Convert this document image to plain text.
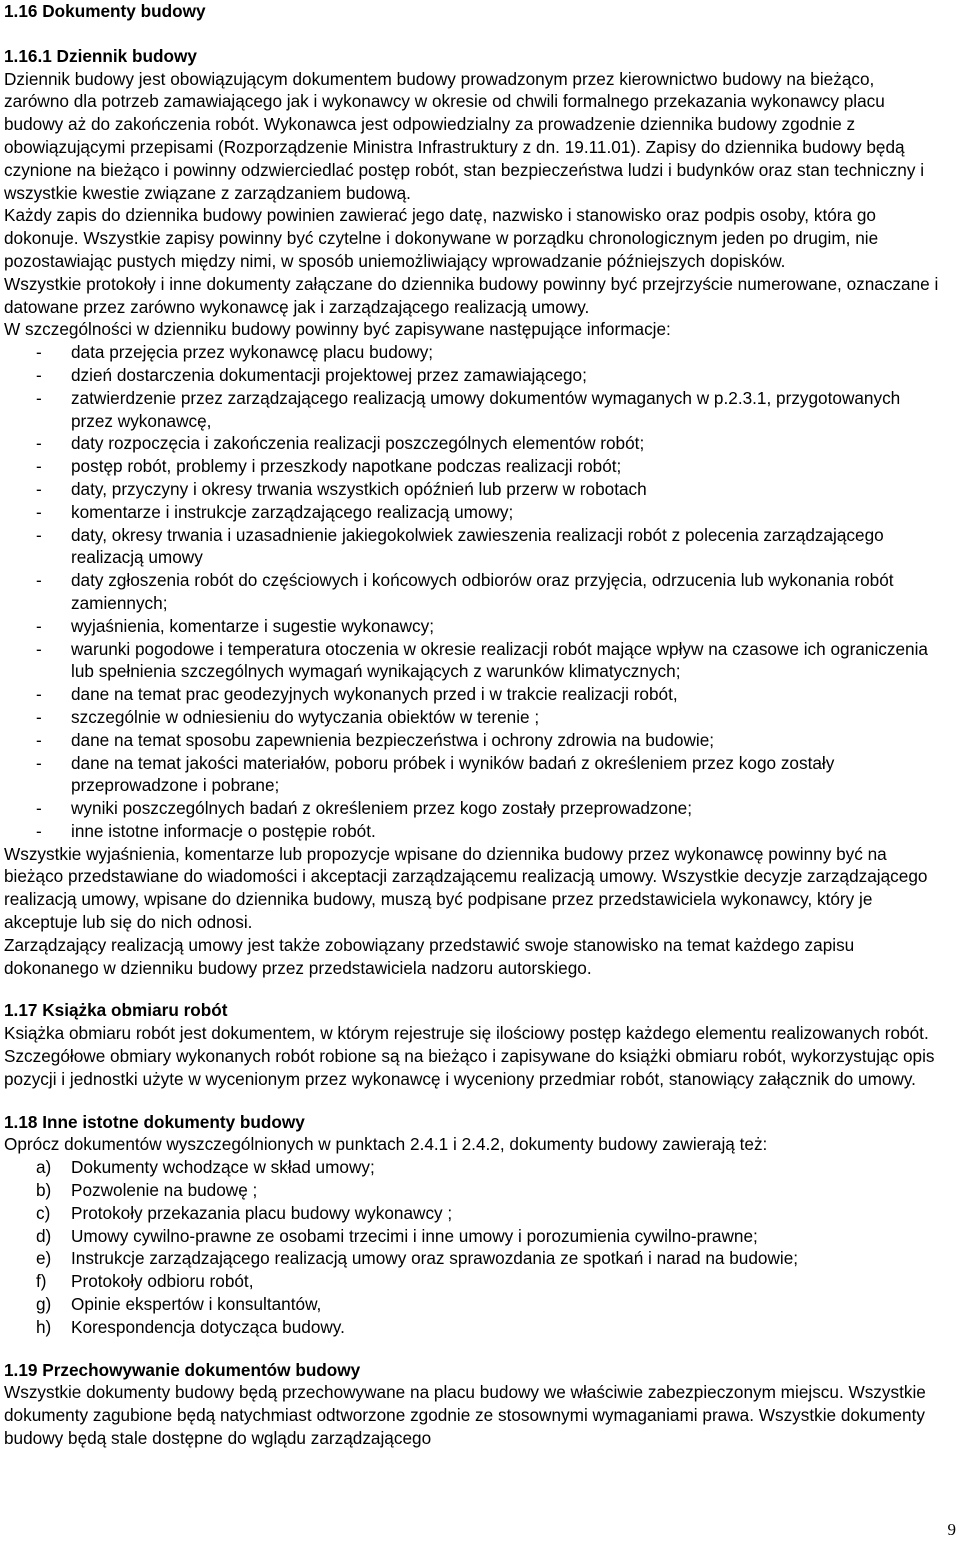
1.16 Dokumenty budowy

1.16.1 Dziennik budowy

Dziennik budowy jest obowiązującym dokumentem budowy prowadzonym przez kierownictwo budowy na bieżąco, zarówno dla potrzeb zamawiającego jak i wykonawcy w okresie od chwili formalnego przekazania wykonawcy placu budowy aż do zakończenia robót. Wykonawca jest odpowiedzialny za prowadzenie dziennika budowy zgodnie z obowiązującymi przepisami (Rozporządzenie Ministra Infrastruktury z dn. 19.11.01). Zapisy do dziennika budowy będą czynione na bieżąco i powinny odzwierciedlać postęp robót, stan bezpieczeństwa ludzi i budynków oraz stan techniczny i wszystkie kwestie związane z zarządzaniem budową.

Każdy zapis do dziennika budowy powinien zawierać jego datę, nazwisko i stanowisko oraz podpis osoby, która go dokonuje. Wszystkie zapisy powinny być czytelne i dokonywane w porządku chronologicznym jeden po drugim, nie pozostawiając pustych między nimi, w sposób uniemożliwiający wprowadzanie późniejszych dopisków.

Wszystkie protokoły i inne dokumenty załączane do dziennika budowy powinny być przejrzyście numerowane, oznaczane i datowane przez zarówno wykonawcę jak i zarządzającego realizacją umowy.

W szczególności w dzienniku budowy powinny być zapisywane następujące informacje:

- data przejęcia przez wykonawcę placu budowy;
- dzień dostarczenia dokumentacji projektowej przez zamawiającego;
- zatwierdzenie przez zarządzającego realizacją umowy dokumentów wymaganych w p.2.3.1, przygotowanych przez wykonawcę,
- daty rozpoczęcia i zakończenia realizacji poszczególnych elementów robót;
- postęp robót, problemy i przeszkody napotkane podczas realizacji robót;
- daty, przyczyny i okresy trwania wszystkich opóźnień lub przerw w robotach
- komentarze i instrukcje zarządzającego realizacją umowy;
- daty, okresy trwania i uzasadnienie jakiegokolwiek zawieszenia realizacji robót z polecenia zarządzającego realizacją umowy
- daty zgłoszenia robót do częściowych i końcowych odbiorów oraz przyjęcia, odrzucenia lub wykonania robót zamiennych;
- wyjaśnienia, komentarze i sugestie wykonawcy;
- warunki pogodowe i temperatura otoczenia w okresie realizacji robót mające wpływ na czasowe ich ograniczenia lub spełnienia szczególnych wymagań wynikających z warunków klimatycznych;
- dane na temat prac geodezyjnych wykonanych przed i w trakcie realizacji robót,
- szczególnie w odniesieniu do wytyczania obiektów w terenie ;
- dane na temat sposobu zapewnienia bezpieczeństwa i ochrony zdrowia na budowie;
- dane na temat jakości materiałów, poboru próbek i wyników badań z określeniem przez kogo zostały przeprowadzone i pobrane;
- wyniki poszczególnych badań z określeniem przez kogo zostały przeprowadzone;
- inne istotne informacje o postępie robót.

Wszystkie wyjaśnienia, komentarze lub propozycje wpisane do dziennika budowy przez wykonawcę powinny być na bieżąco przedstawiane do wiadomości i akceptacji zarządzającemu realizacją umowy. Wszystkie decyzje zarządzającego realizacją umowy, wpisane do dziennika budowy, muszą być podpisane przez przedstawiciela wykonawcy, który je akceptuje lub się do nich odnosi.

Zarządzający realizacją umowy jest także zobowiązany przedstawić swoje stanowisko na temat każdego zapisu dokonanego w dzienniku budowy przez przedstawiciela nadzoru autorskiego.

1.17 Książka obmiaru robót

Książka obmiaru robót jest dokumentem, w którym rejestruje się ilościowy postęp każdego elementu realizowanych robót. Szczegółowe obmiary wykonanych robót robione są na bieżąco i zapisywane do książki obmiaru robót, wykorzystując opis pozycji i jednostki użyte w wycenionym przez wykonawcę i wyceniony przedmiar robót, stanowiący załącznik do umowy.

1.18 Inne istotne dokumenty budowy

Oprócz dokumentów wyszczególnionych w punktach 2.4.1 i 2.4.2, dokumenty budowy zawierają też:

a) Dokumenty wchodzące w skład umowy;
b) Pozwolenie na budowę ;
c) Protokoły przekazania placu budowy wykonawcy ;
d) Umowy cywilno-prawne ze osobami trzecimi i inne umowy i porozumienia cywilno-prawne;
e) Instrukcje zarządzającego realizacją umowy oraz sprawozdania ze spotkań i narad na budowie;
f) Protokoły odbioru robót,
g) Opinie ekspertów i konsultantów,
h) Korespondencja dotycząca budowy.

1.19 Przechowywanie dokumentów budowy

Wszystkie dokumenty budowy będą przechowywane na placu budowy we właściwie zabezpieczonym miejscu. Wszystkie dokumenty zagubione będą natychmiast odtworzone zgodnie ze stosownymi wymaganiami prawa. Wszystkie dokumenty budowy będą stale dostępne do wglądu zarządzającego

9
